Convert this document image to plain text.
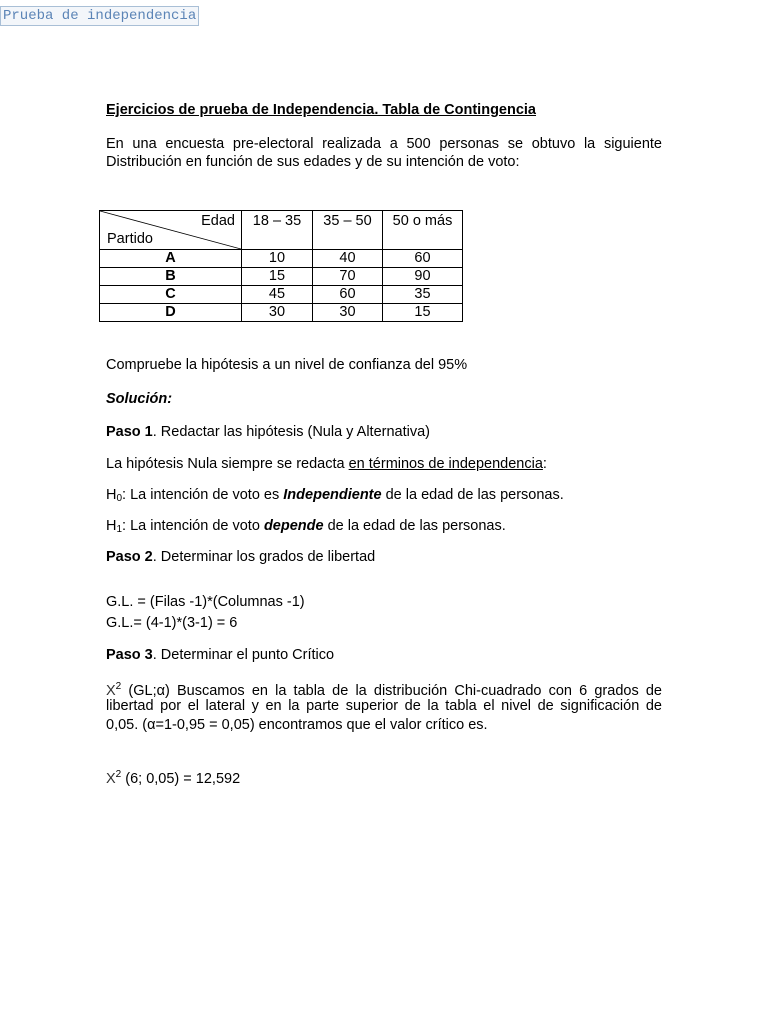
Prueba de independencia
Ejercicios de prueba de Independencia. Tabla de Contingencia
En una encuesta pre-electoral realizada a 500 personas se obtuvo la siguiente
Distribución en función de sus edades y de su intención de voto:
Compruebe la hipótesis a un nivel de confianza del 95%
Solución:
Paso 1. Redactar las hipótesis (Nula y Alternativa)
La hipótesis Nula siempre se redacta en términos de independencia:
$H_0$: La intención de voto es Independiente de la edad de las personas.
$H_1$: La intención de voto depende de la edad de las personas.
Paso 2. Determinar los grados de libertad
G.L. = (Filas -1)*(Columnas -1)
G.L.= (4-1)*(3-1) = 6
Paso 3. Determinar el punto Crítico
$X^2$ (GL;α) Buscamos en la tabla de la distribución Chi-cuadrado con 6 grados de
libertad por el lateral y en la parte superior de la tabla el nivel de significación de
0,05. (α=1-0,95 = 0,05) encontramos que el valor crítico es.
$X^2$ (6; 0,05) = 12,592
Edad
Partido	18 – 35	35 – 50	50 o más
A	10	40	60
B	15	70	90
C	45	60	35
D	30	30	15
